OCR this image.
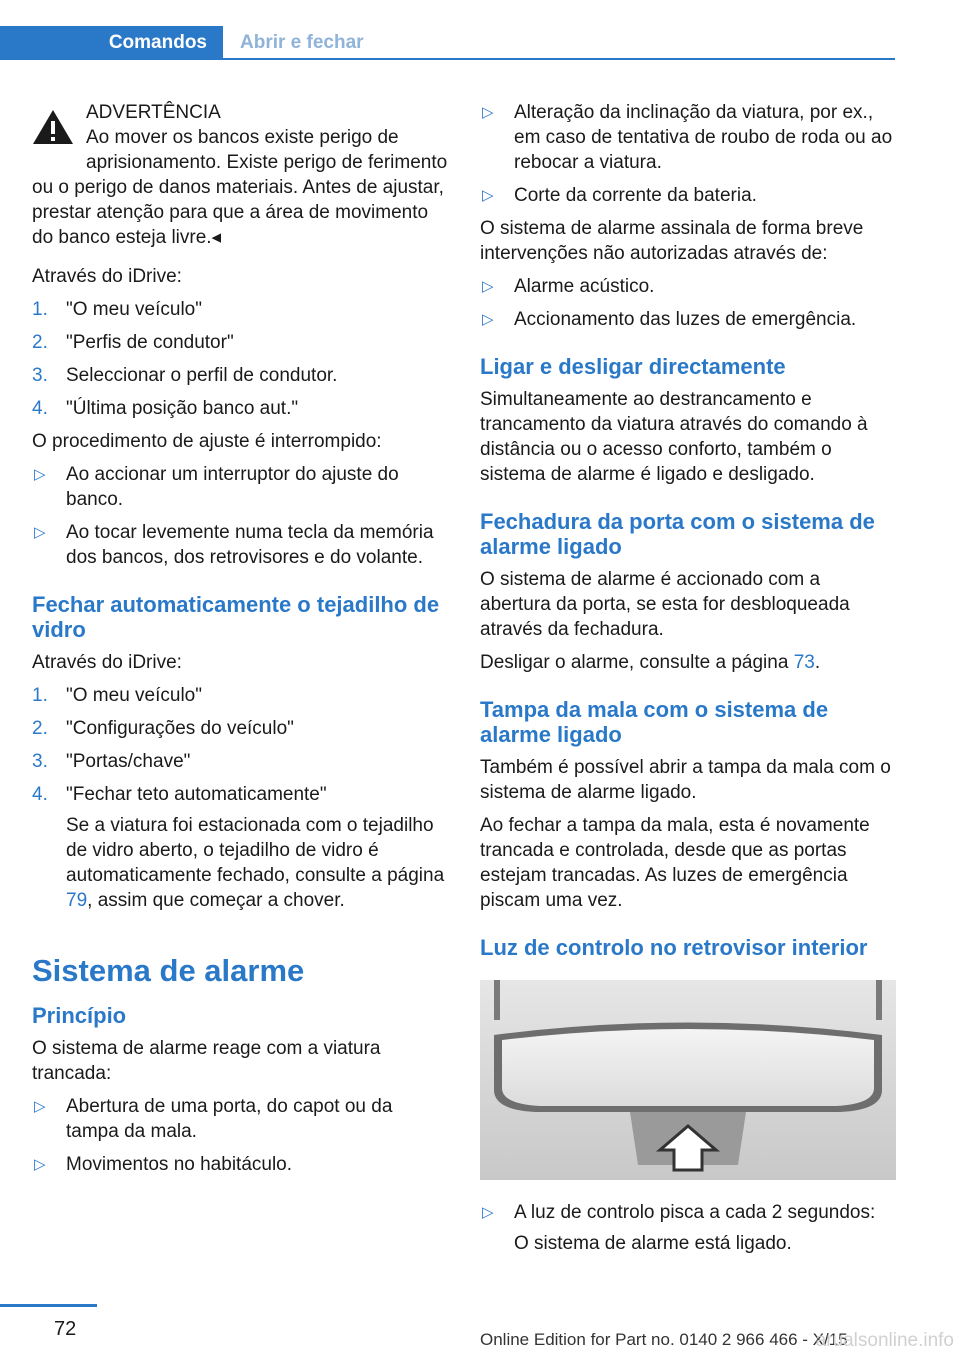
Comandos	Abrir e fechar
ADVERTÊNCIA
Ao mover os bancos existe perigo de aprisionamento. Existe perigo de ferimento ou o perigo de danos materiais. Antes de ajustar, prestar atenção para que a área de movimento do banco esteja livre.◂

Através do iDrive:

1. "O meu veículo"
2. "Perfis de condutor"
3. Seleccionar o perfil de condutor.
4. "Última posição banco aut."

O procedimento de ajuste é interrompido:

▷ Ao accionar um interruptor do ajuste do banco.
▷ Ao tocar levemente numa tecla da memória dos bancos, dos retrovisores e do volante.
Fechar automaticamente o tejadilho de vidro

Através do iDrive:

1. "O meu veículo"
2. "Configurações do veículo"
3. "Portas/chave"
4. "Fechar teto automaticamente"
Se a viatura foi estacionada com o tejadilho de vidro aberto, o tejadilho de vidro é automaticamente fechado, consulte a página 79, assim que começar a chover.
Sistema de alarme
Princípio

O sistema de alarme reage com a viatura trancada:

▷ Abertura de uma porta, do capot ou da tampa da mala.
▷ Movimentos no habitáculo.
▷ Alteração da inclinação da viatura, por ex., em caso de tentativa de roubo de roda ou ao rebocar a viatura.
▷ Corte da corrente da bateria.

O sistema de alarme assinala de forma breve intervenções não autorizadas através de:

▷ Alarme acústico.
▷ Accionamento das luzes de emergência.
Ligar e desligar directamente

Simultaneamente ao destrancamento e trancamento da viatura através do comando à distância ou o acesso conforto, também o sistema de alarme é ligado e desligado.

Fechadura da porta com o sistema de alarme ligado

O sistema de alarme é accionado com a abertura da porta, se esta for desbloqueada através da fechadura.

Desligar o alarme, consulte a página 73.

Tampa da mala com o sistema de alarme ligado

Também é possível abrir a tampa da mala com o sistema de alarme ligado.

Ao fechar a tampa da mala, esta é novamente trancada e controlada, desde que as portas estejam trancadas. As luzes de emergência piscam uma vez.

Luz de controlo no retrovisor interior
▷ A luz de controlo pisca a cada 2 segundos:
O sistema de alarme está ligado.
72	Online Edition for Part no. 0140 2 966 466 - X/15
arualsonline.info
